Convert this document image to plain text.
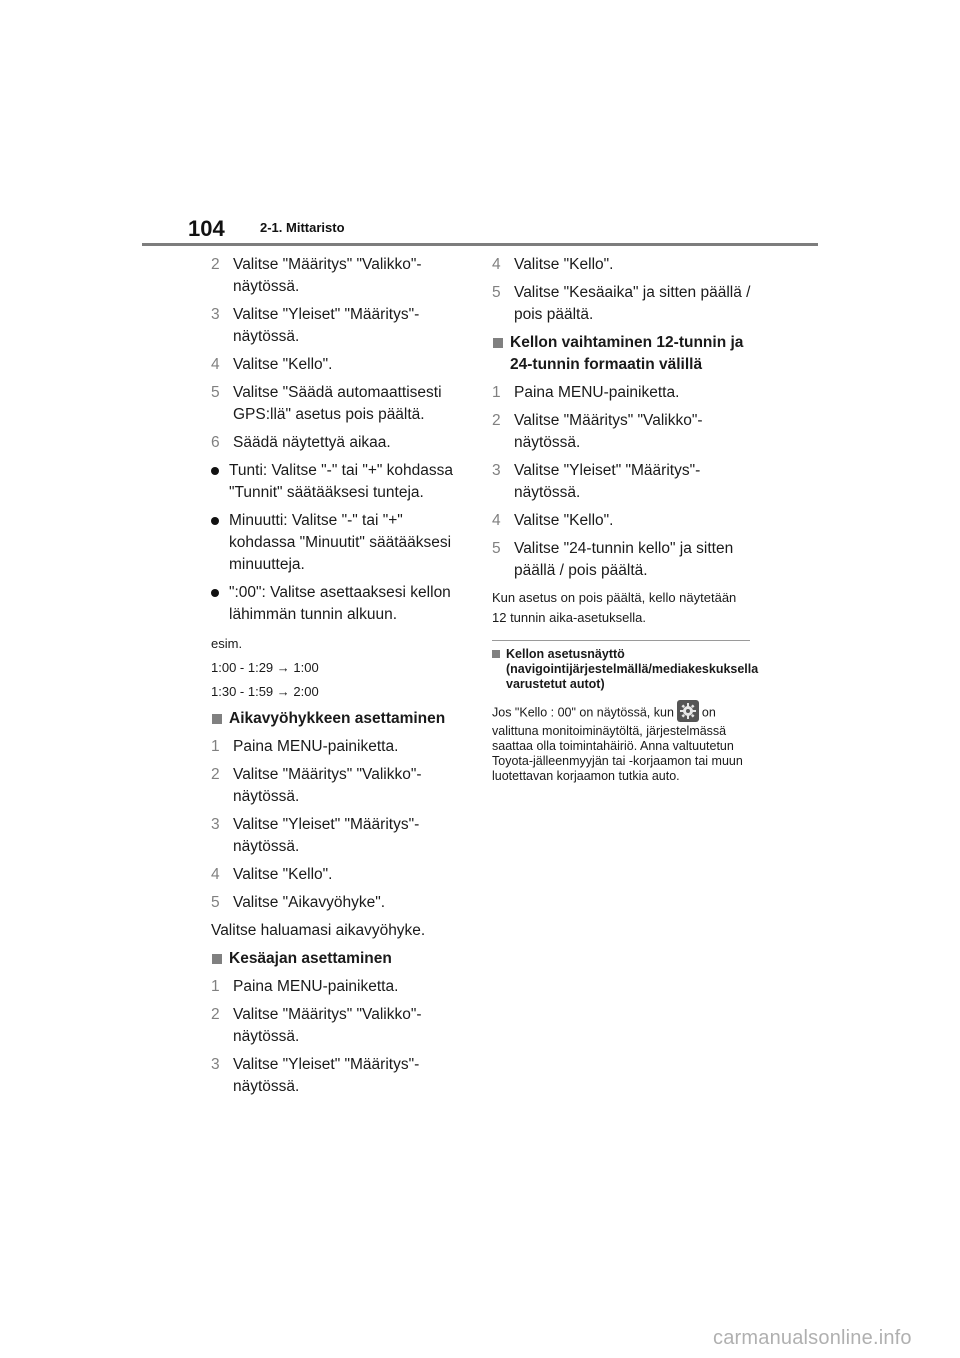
104	2-1. Mittaristo
2 Valitse "Määritys" "Valikko"-näytössä.
3 Valitse "Yleiset" "Määritys"-näytössä.
4 Valitse "Kello".
5 Valitse "Säädä automaattisesti GPS:llä" asetus pois päältä.
6 Säädä näytettyä aikaa.
Tunti: Valitse "-" tai "+" kohdassa "Tunnit" säätääksesi tunteja.
Minuutti: Valitse "-" tai "+" kohdassa "Minuutit" säätääksesi minuutteja.
":00": Valitse asettaaksesi kellon lähimmän tunnin alkuun.
esim.
1:00 - 1:29 → 1:00
1:30 - 1:59 → 2:00
Aikavyöhykkeen asettaminen
1 Paina MENU-painiketta.
2 Valitse "Määritys" "Valikko"-näytössä.
3 Valitse "Yleiset" "Määritys"-näytössä.
4 Valitse "Kello".
5 Valitse "Aikavyöhyke".
Valitse haluamasi aikavyöhyke.
Kesäajan asettaminen
1 Paina MENU-painiketta.
2 Valitse "Määritys" "Valikko"-näytössä.
3 Valitse "Yleiset" "Määritys"-näytössä.
4 Valitse "Kello".
5 Valitse "Kesäaika" ja sitten päällä / pois päältä.
Kellon vaihtaminen 12-tunnin ja 24-tunnin formaatin välillä
1 Paina MENU-painiketta.
2 Valitse "Määritys" "Valikko"-näytössä.
3 Valitse "Yleiset" "Määritys"-näytössä.
4 Valitse "Kello".
5 Valitse "24-tunnin kello" ja sitten päällä / pois päältä.
Kun asetus on pois päältä, kello näytetään 12 tunnin aika-asetuksella.
Kellon asetusnäyttö (navigointijärjestelmällä/mediakeskuksella varustetut autot)
Jos "Kello : 00" on näytössä, kun on valittuna monitoiminäytöltä, järjestelmässä saattaa olla toimintahäiriö. Anna valtuutetun Toyota-jälleenmyyjän tai -korjaamon tai muun luotettavan korjaamon tutkia auto.
carmanualsonline.info
